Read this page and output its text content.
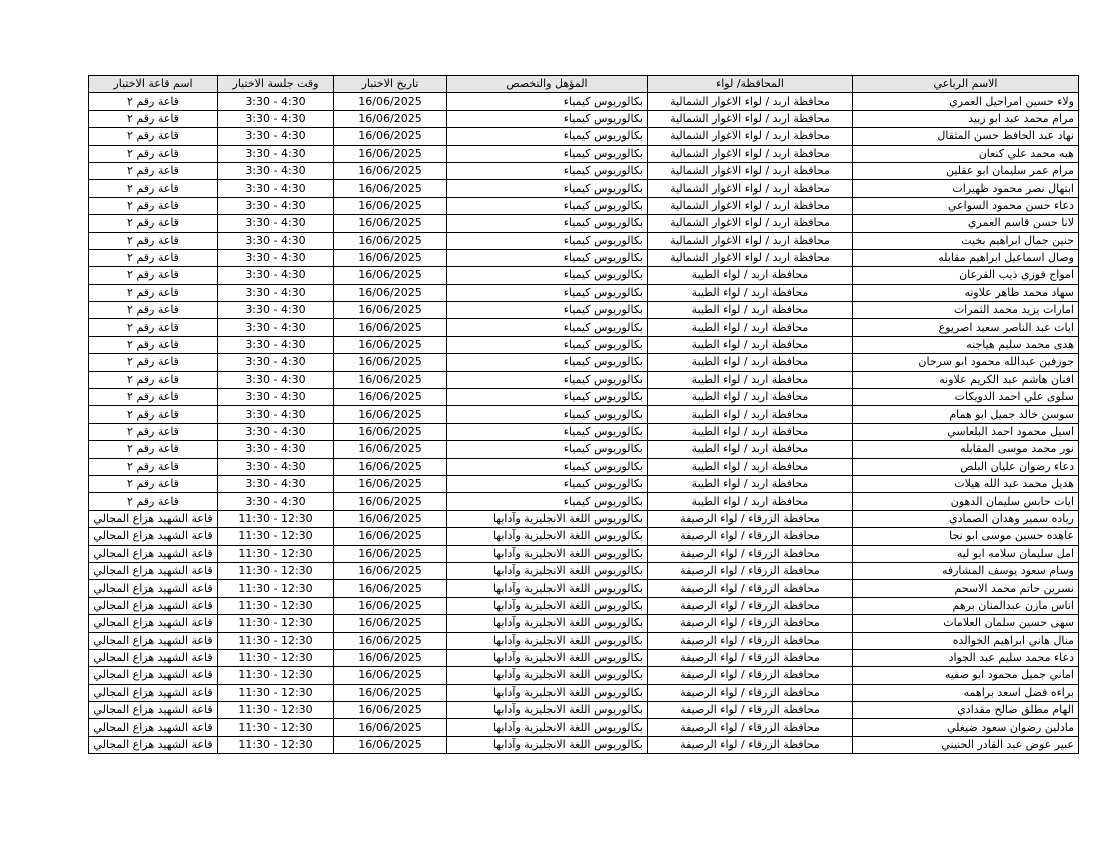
الاسم الرباعي	المحافظة/ لواء	المؤهل والتخصص	تاريخ الاختبار	وقت جلسة الاختبار	اسم قاعة الاختبار
ولاء حسين امراحيل العمري	محافظة اربد / لواء الاغوار الشمالية	بكالوريوس كيمياء	16/06/2025	3:30 - 4:30	قاعة رقم ٢
مرام محمد عبد ابو زبيد	محافظة اربد / لواء الاغوار الشمالية	بكالوريوس كيمياء	16/06/2025	3:30 - 4:30	قاعة رقم ٢
نهاد عبد الحافظ حسن المثقال	محافظة اربد / لواء الاغوار الشمالية	بكالوريوس كيمياء	16/06/2025	3:30 - 4:30	قاعة رقم ٢
هبه محمد علي كنعان	محافظة اربد / لواء الاغوار الشمالية	بكالوريوس كيمياء	16/06/2025	3:30 - 4:30	قاعة رقم ٢
مرام عمر سليمان ابو عقلين	محافظة اربد / لواء الاغوار الشمالية	بكالوريوس كيمياء	16/06/2025	3:30 - 4:30	قاعة رقم ٢
ابتهال نصر محمود ظهيرات	محافظة اربد / لواء الاغوار الشمالية	بكالوريوس كيمياء	16/06/2025	3:30 - 4:30	قاعة رقم ٢
دعاء حسن محمود السواعي	محافظة اربد / لواء الاغوار الشمالية	بكالوريوس كيمياء	16/06/2025	3:30 - 4:30	قاعة رقم ٢
لانا حسن قاسم العمري	محافظة اربد / لواء الاغوار الشمالية	بكالوريوس كيمياء	16/06/2025	3:30 - 4:30	قاعة رقم ٢
حنين جمال ابراهيم بخيت	محافظة اربد / لواء الاغوار الشمالية	بكالوريوس كيمياء	16/06/2025	3:30 - 4:30	قاعة رقم ٢
وصال اسماعيل ابراهيم مقابله	محافظة اربد / لواء الاغوار الشمالية	بكالوريوس كيمياء	16/06/2025	3:30 - 4:30	قاعة رقم ٢
امواج فوزي ذيب القرعان	محافظة اربد / لواء الطيبة	بكالوريوس كيمياء	16/06/2025	3:30 - 4:30	قاعة رقم ٢
سهاد محمد ظاهر علاونه	محافظة اربد / لواء الطيبة	بكالوريوس كيمياء	16/06/2025	3:30 - 4:30	قاعة رقم ٢
امارات يزيد محمد الثمرات	محافظة اربد / لواء الطيبة	بكالوريوس كيمياء	16/06/2025	3:30 - 4:30	قاعة رقم ٢
ايات عبد الناصر سعيد اصريوع	محافظة اربد / لواء الطيبة	بكالوريوس كيمياء	16/06/2025	3:30 - 4:30	قاعة رقم ٢
هدى محمد سليم هياجنه	محافظة اربد / لواء الطيبة	بكالوريوس كيمياء	16/06/2025	3:30 - 4:30	قاعة رقم ٢
جوزفين عبدالله محمود ابو سرحان	محافظة اربد / لواء الطيبة	بكالوريوس كيمياء	16/06/2025	3:30 - 4:30	قاعة رقم ٢
افنان هاشم عبد الكريم علاونه	محافظة اربد / لواء الطيبة	بكالوريوس كيمياء	16/06/2025	3:30 - 4:30	قاعة رقم ٢
سلوى علي احمد الدويكات	محافظة اربد / لواء الطيبة	بكالوريوس كيمياء	16/06/2025	3:30 - 4:30	قاعة رقم ٢
سوسن خالد جميل ابو همام	محافظة اربد / لواء الطيبة	بكالوريوس كيمياء	16/06/2025	3:30 - 4:30	قاعة رقم ٢
اسيل محمود احمد البلعاسي	محافظة اربد / لواء الطيبة	بكالوريوس كيمياء	16/06/2025	3:30 - 4:30	قاعة رقم ٢
نور محمد موسى المقابله	محافظة اربد / لواء الطيبة	بكالوريوس كيمياء	16/06/2025	3:30 - 4:30	قاعة رقم ٢
دعاء رضوان عليان البلص	محافظة اربد / لواء الطيبة	بكالوريوس كيمياء	16/06/2025	3:30 - 4:30	قاعة رقم ٢
هديل محمد عبد الله هيلات	محافظة اربد / لواء الطيبة	بكالوريوس كيمياء	16/06/2025	3:30 - 4:30	قاعة رقم ٢
ايات حابس سليمان الدهون	محافظة اربد / لواء الطيبة	بكالوريوس كيمياء	16/06/2025	3:30 - 4:30	قاعة رقم ٢
رياده سمير وهدان الصمادي	محافظة الزرقاء / لواء الرصيفة	بكالوريوس اللغة الانجليزية وآدابها	16/06/2025	11:30 - 12:30	قاعة الشهيد هزاع المجالي
عاهده حسين موسى ابو نجا	محافظة الزرقاء / لواء الرصيفة	بكالوريوس اللغة الانجليزية وآدابها	16/06/2025	11:30 - 12:30	قاعة الشهيد هزاع المجالي
امل سليمان سلامه ابو ليه	محافظة الزرقاء / لواء الرصيفة	بكالوريوس اللغة الانجليزية وآدابها	16/06/2025	11:30 - 12:30	قاعة الشهيد هزاع المجالي
وسام سعود يوسف المشارفه	محافظة الزرقاء / لواء الرصيفة	بكالوريوس اللغة الانجليزية وآدابها	16/06/2025	11:30 - 12:30	قاعة الشهيد هزاع المجالي
نسرين حاتم محمد الاسحم	محافظة الزرقاء / لواء الرصيفة	بكالوريوس اللغة الانجليزية وآدابها	16/06/2025	11:30 - 12:30	قاعة الشهيد هزاع المجالي
اناس مازن عبدالمنان برهم	محافظة الزرقاء / لواء الرصيفة	بكالوريوس اللغة الانجليزية وآدابها	16/06/2025	11:30 - 12:30	قاعة الشهيد هزاع المجالي
سهى حسين سلمان العلامات	محافظة الزرقاء / لواء الرصيفة	بكالوريوس اللغة الانجليزية وآدابها	16/06/2025	11:30 - 12:30	قاعة الشهيد هزاع المجالي
منال هاني ابراهيم الخوالده	محافظة الزرقاء / لواء الرصيفة	بكالوريوس اللغة الانجليزية وآدابها	16/06/2025	11:30 - 12:30	قاعة الشهيد هزاع المجالي
دعاء محمد سليم عبد الجواد	محافظة الزرقاء / لواء الرصيفة	بكالوريوس اللغة الانجليزية وآدابها	16/06/2025	11:30 - 12:30	قاعة الشهيد هزاع المجالي
اماني جميل محمود ابو صفيه	محافظة الزرقاء / لواء الرصيفة	بكالوريوس اللغة الانجليزية وآدابها	16/06/2025	11:30 - 12:30	قاعة الشهيد هزاع المجالي
براءه فضل اسعد براهمه	محافظة الزرقاء / لواء الرصيفة	بكالوريوس اللغة الانجليزية وآدابها	16/06/2025	11:30 - 12:30	قاعة الشهيد هزاع المجالي
الهام مطلق صالح مقدادي	محافظة الزرقاء / لواء الرصيفة	بكالوريوس اللغة الانجليزية وآدابها	16/06/2025	11:30 - 12:30	قاعة الشهيد هزاع المجالي
مادلين رضوان سعود ضيغلي	محافظة الزرقاء / لواء الرصيفة	بكالوريوس اللغة الانجليزية وآدابها	16/06/2025	11:30 - 12:30	قاعة الشهيد هزاع المجالي
عبير عوض عبد القادر الحنيني	محافظة الزرقاء / لواء الرصيفة	بكالوريوس اللغة الانجليزية وآدابها	16/06/2025	11:30 - 12:30	قاعة الشهيد هزاع المجالي
